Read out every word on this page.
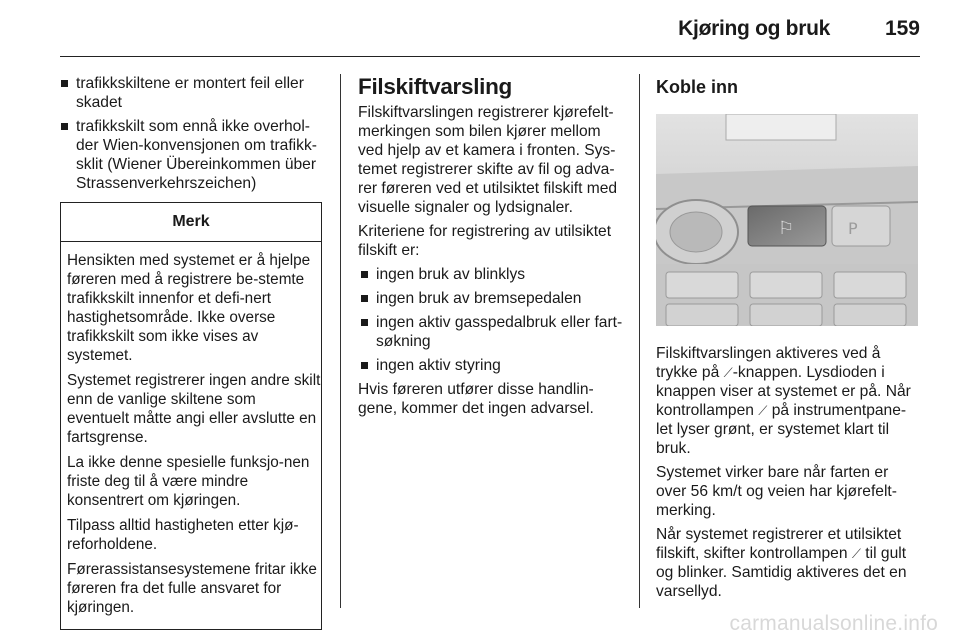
Kjøring og bruk	159
trafikkskiltene er montert feil eller skadet
trafikkskilt som ennå ikke overhol-der Wien-konvensjonen om trafikk-sklit (Wiener Übereinkommen über Strassenverkehrszeichen)
Merk

Hensikten med systemet er å hjelpe føreren med å registrere be-stemte trafikkskilt innenfor et defi-nert hastighetsområde. Ikke overse trafikkskilt som ikke vises av systemet.

Systemet registrerer ingen andre skilt enn de vanlige skiltene som eventuelt måtte angi eller avslutte en fartsgrense.

La ikke denne spesielle funksjo-nen friste deg til å være mindre konsentrert om kjøringen.

Tilpass alltid hastigheten etter kjø-reforholdene.

Førerassistansesystemene fritar ikke føreren fra det fulle ansvaret for kjøringen.

Filskiftvarsling

Filskiftvarslingen registrerer kjørefelt-merkingen som bilen kjører mellom ved hjelp av et kamera i fronten. Sys-temet registrerer skifte av fil og adva-rer føreren ved et utilsiktet filskift med visuelle signaler og lydsignaler.

Kriteriene for registrering av utilsiktet filskift er:

ingen bruk av blinklys
ingen bruk av bremsepedalen
ingen aktiv gasspedalbruk eller fart-søkning
ingen aktiv styring

Hvis føreren utfører disse handlin-gene, kommer det ingen advarsel.

Koble inn
⚐	P

Filskiftvarslingen aktiveres ved å trykke på ⟋-knappen. Lysdioden i knappen viser at systemet er på. Når kontrollampen ⟋ på instrumentpane-let lyser grønt, er systemet klart til bruk.

Systemet virker bare når farten er over 56 km/t og veien har kjørefelt-merking.

Når systemet registrerer et utilsiktet filskift, skifter kontrollampen ⟋ til gult og blinker. Samtidig aktiveres det en varsellyd.

carmanualsonline.info
